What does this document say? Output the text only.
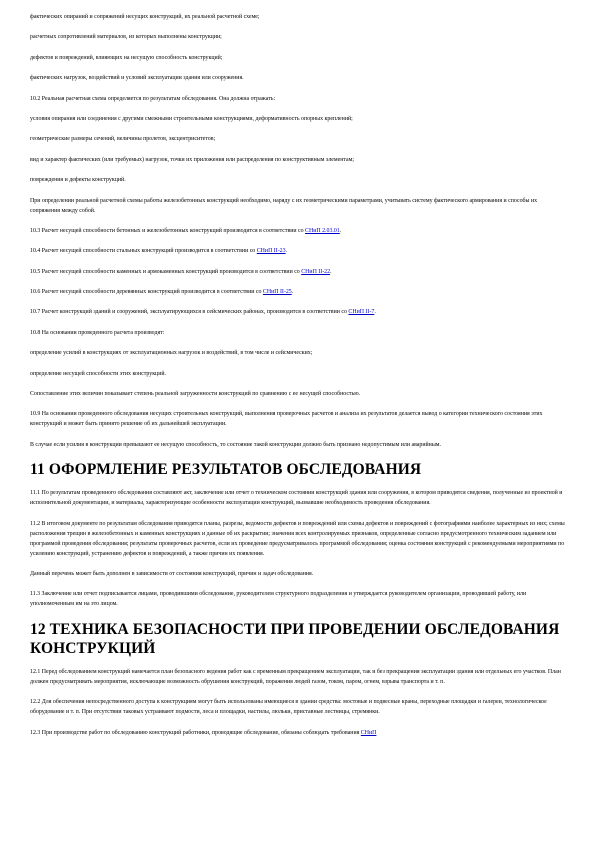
фактических опираний и сопряжений несущих конструкций, их реальной расчетной схеме;
расчетных сопротивлений материалов, из которых выполнены конструкции;
дефектов и повреждений, влияющих на несущую способность конструкций;
фактических нагрузок, воздействий и условий эксплуатации здания или сооружения.
10.2 Реальная расчетная схема определяется по результатам обследования. Она должна отражать:
условия опирания или соединения с другими смежными строительными конструкциями, деформативность опорных креплений;
геометрические размеры сечений, величины пролетов, эксцентриситетов;
вид и характер фактических (или требуемых) нагрузок, точки их приложения или распределения по конструктивным элементам;
повреждения и дефекты конструкций.
При определении реальной расчетной схемы работы железобетонных конструкций необходимо, наряду с их геометрическими параметрами, учитывать систему фактического армирования и способы их сопряжения между собой.
10.3 Расчет несущей способности бетонных и железобетонных конструкций производится в соответствии со СНиП 2.03.01.
10.4 Расчет несущей способности стальных конструкций производится в соответствии со СНиП II-23.
10.5 Расчет несущей способности каменных и армокаменных конструкций производится в соответствии со СНиП II-22.
10.6 Расчет несущей способности деревянных конструкций производится в соответствии со СНиП II-25.
10.7 Расчет конструкций зданий и сооружений, эксплуатирующихся в сейсмических районах, производится в соответствии со СНиП II-7.
10.8 На основании проведенного расчета производят:
определение усилий в конструкциях от эксплуатационных нагрузок и воздействий, в том числе и сейсмических;
определение несущей способности этих конструкций.
Сопоставление этих величин показывает степень реальной загруженности конструкций по сравнению с ее несущей способностью.
10.9 На основании проведенного обследования несущих строительных конструкций, выполнения проверочных расчетов и анализа их результатов делается вывод о категории технического состояния этих конструкций и может быть принято решение об их дальнейшей эксплуатации.
В случае если усилия в конструкции превышают ее несущую способность, то состояние такой конструкции должно быть признано недопустимым или аварийным.
11 ОФОРМЛЕНИЕ РЕЗУЛЬТАТОВ ОБСЛЕДОВАНИЯ
11.1 По результатам проведенного обследования составляют акт, заключение или отчет о техническом состоянии конструкций здания или сооружения, в котором приводятся сведения, полученные из проектной и исполнительной документации, и материалы, характеризующие особенности эксплуатации конструкций, вызвавшие необходимость проведения обследования.
11.2 В итоговом документе по результатам обследования приводятся планы, разрезы, ведомости дефектов и повреждений или схемы дефектов и повреждений с фотографиями наиболее характерных из них; схемы расположения трещин в железобетонных и каменных конструкциях и данные об их раскрытии; значения всех контролируемых признаков, определенные согласно предусмотренного техническим заданием или программой проведения обследования; результаты проверочных расчетов, если их проведение предусматривалось программой обследования; оценка состояния конструкций с рекомендуемыми мероприятиями по усилению конструкций, устранению дефектов и повреждений, а также причин их появления.
Данный перечень может быть дополнен в зависимости от состояния конструкций, причин и задач обследования.
11.3 Заключение или отчет подписывается лицами, проводившими обследование, руководителем структурного подразделения и утверждается руководителем организации, проводившей работу, или уполномоченным им на это лицом.
12 ТЕХНИКА БЕЗОПАСНОСТИ ПРИ ПРОВЕДЕНИИ ОБСЛЕДОВАНИЯ КОНСТРУКЦИЙ
12.1 Перед обследованием конструкций намечается план безопасного ведения работ как с временным прекращением эксплуатации, так и без прекращения эксплуатации здания или отдельных его участков. План должен предусматривать мероприятия, исключающие возможность обрушения конструкций, поражения людей газом, током, паром, огнем, взрыва транспорта и т. п.
12.2 Для обеспечения непосредственного доступа к конструкциям могут быть использованы имеющиеся в здании средства: мостовые и подвесные краны, переходные площадки и галереи, технологическое оборудование и т. п. При отсутствии таковых устраивают подмости, леса и площадки, настилы, люльки, приставные лестницы, стремянки.
12.3 При производстве работ по обследованию конструкций работники, проводящие обследование, обязаны соблюдать требования СНиП
